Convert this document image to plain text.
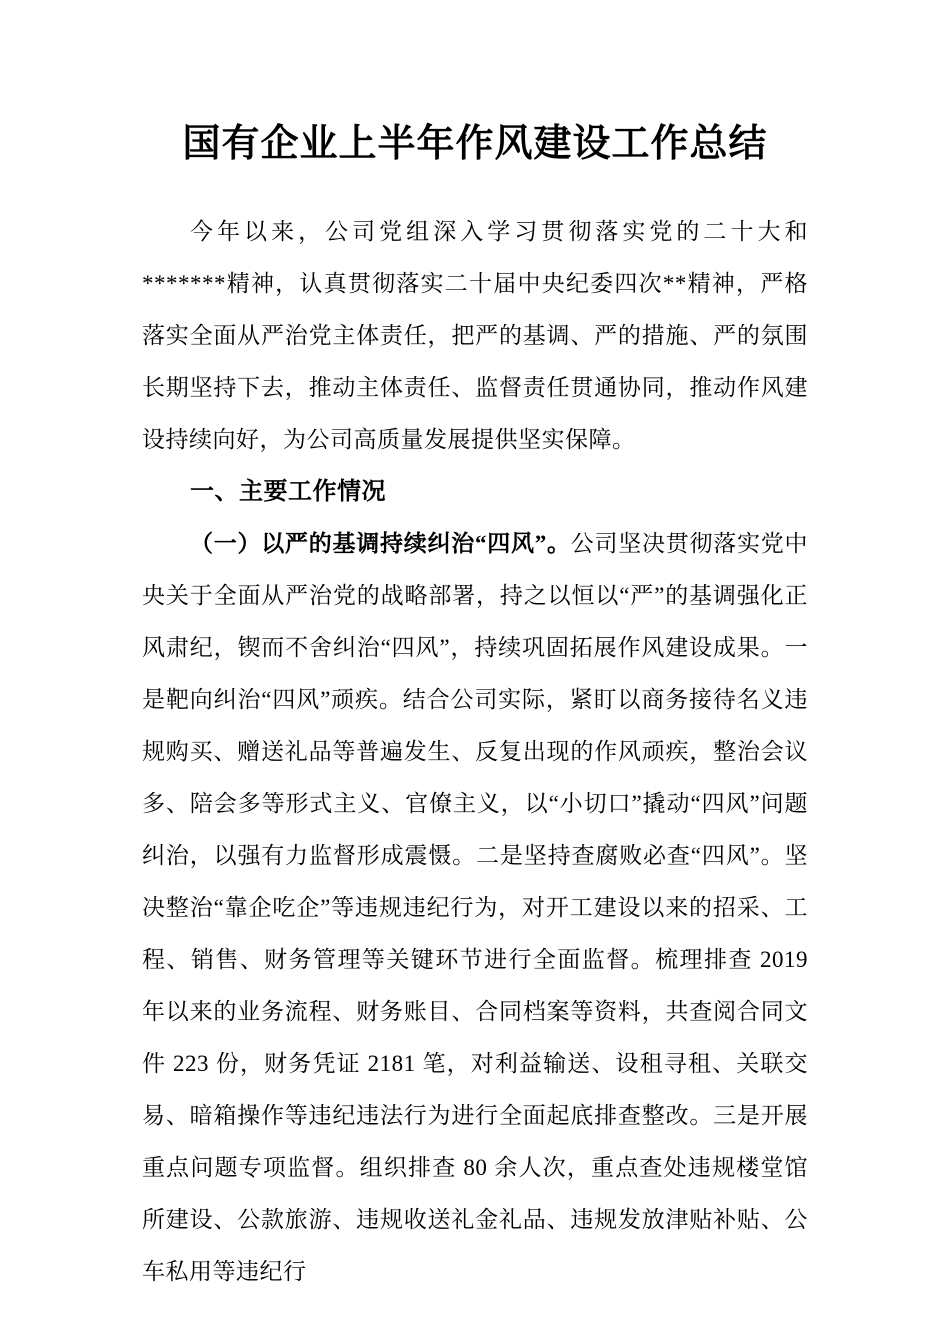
国有企业上半年作风建设工作总结

今年以来，公司党组深入学习贯彻落实党的二十大和 *******精神，认真贯彻落实二十届中央纪委四次**精神，严格落实全面从严治党主体责任，把严的基调、严的措施、严的氛围长期坚持下去，推动主体责任、监督责任贯通协同，推动作风建设持续向好，为公司高质量发展提供坚实保障。

一、主要工作情况

（一）以严的基调持续纠治“四风”。公司坚决贯彻落实党中央关于全面从严治党的战略部署，持之以恒以“严”的基调强化正风肃纪，锲而不舍纠治“四风”，持续巩固拓展作风建设成果。一是靶向纠治“四风”顽疾。结合公司实际，紧盯以商务接待名义违规购买、赠送礼品等普遍发生、反复出现的作风顽疾，整治会议多、陪会多等形式主义、官僚主义，以“小切口”撬动“四风”问题纠治，以强有力监督形成震慑。二是坚持查腐败必查“四风”。坚决整治“靠企吃企”等违规违纪行为，对开工建设以来的招采、工程、销售、财务管理等关键环节进行全面监督。梳理排查 2019 年以来的业务流程、财务账目、合同档案等资料，共查阅合同文件 223 份，财务凭证 2181 笔，对利益输送、设租寻租、关联交易、暗箱操作等违纪违法行为进行全面起底排查整改。三是开展重点问题专项监督。组织排查 80 余人次，重点查处违规楼堂馆所建设、公款旅游、违规收送礼金礼品、违规发放津贴补贴、公车私用等违纪行
